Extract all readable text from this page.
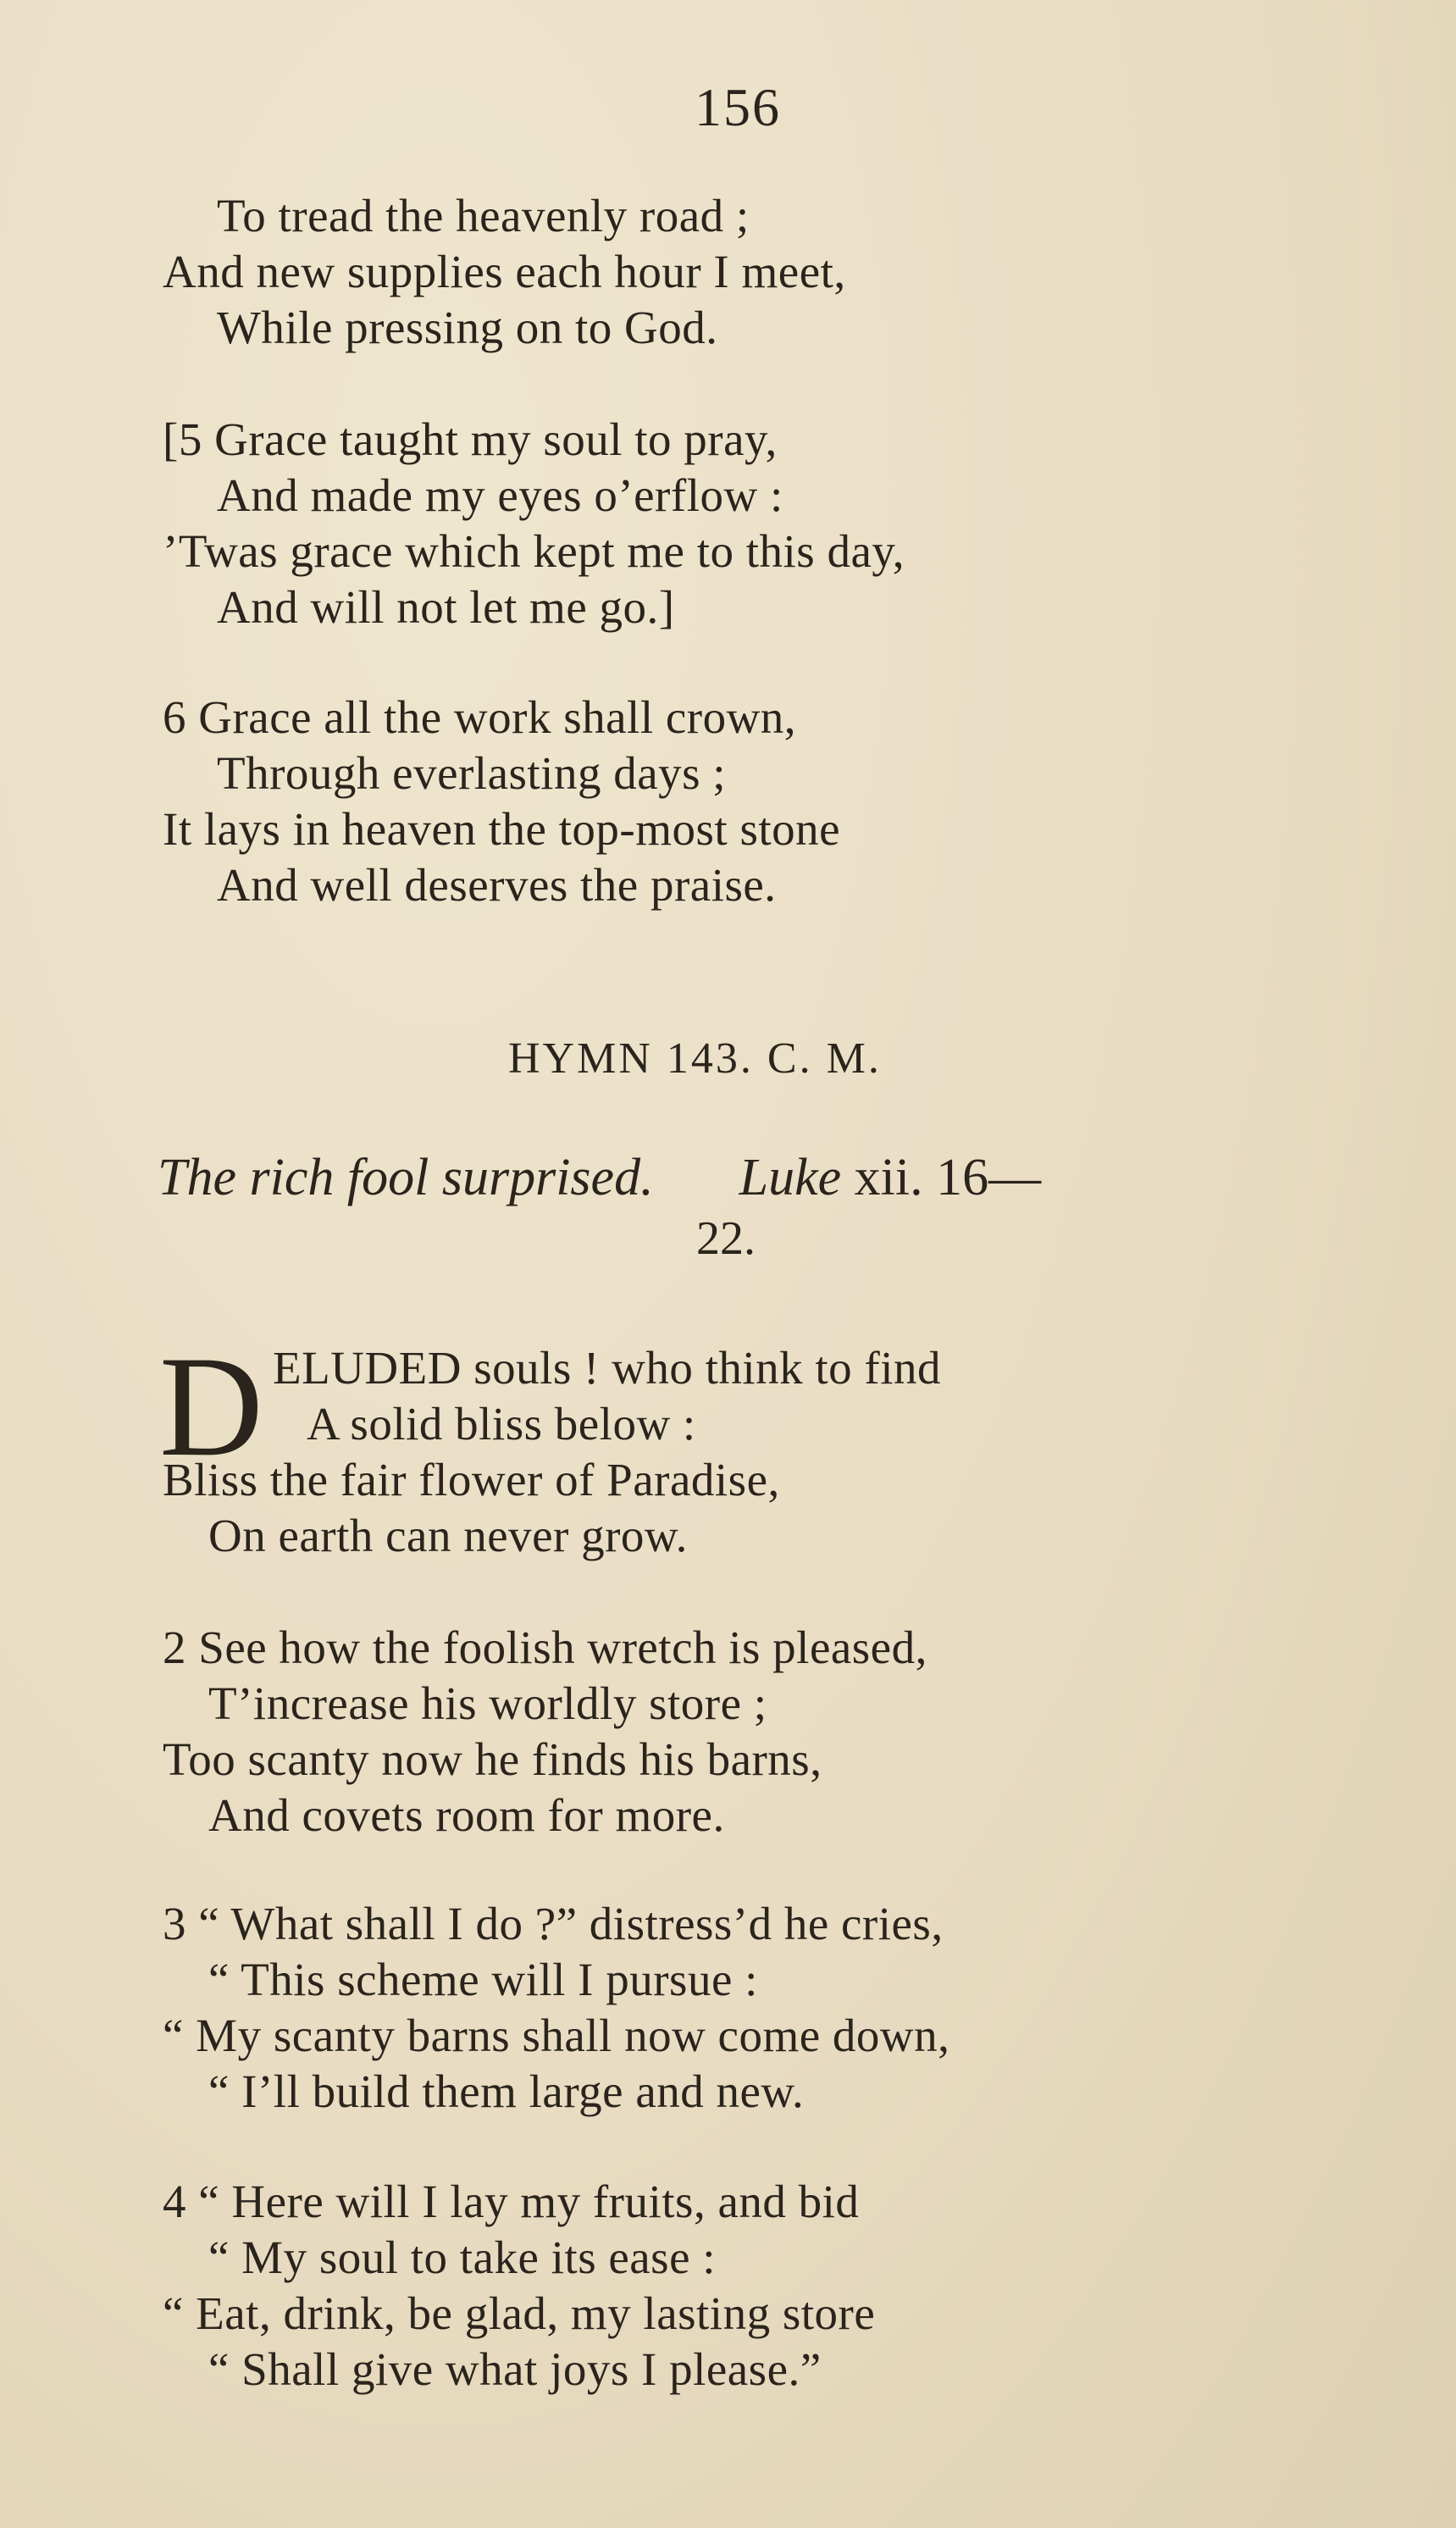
156
To tread the heavenly road ;
And new supplies each hour I meet,
While pressing on to God.
[5 Grace taught my soul to pray,
And made my eyes o’erflow :
’Twas grace which kept me to this day,
And will not let me go.]
6 Grace all the work shall crown,
Through everlasting days ;
It lays in heaven the top-most stone
And well deserves the praise.
HYMN 143. C. M.
The rich fool surprised. Luke xii. 16—
22.
D ELUDED souls ! who think to find
A solid bliss below :
Bliss the fair flower of Paradise,
On earth can never grow.
2 See how the foolish wretch is pleased,
T’increase his worldly store ;
Too scanty now he finds his barns,
And covets room for more.
3 “ What shall I do ?” distress’d he cries,
“ This scheme will I pursue :
“ My scanty barns shall now come down,
“ I’ll build them large and new.
4 “ Here will I lay my fruits, and bid
“ My soul to take its ease :
“ Eat, drink, be glad, my lasting store
“ Shall give what joys I please.”
